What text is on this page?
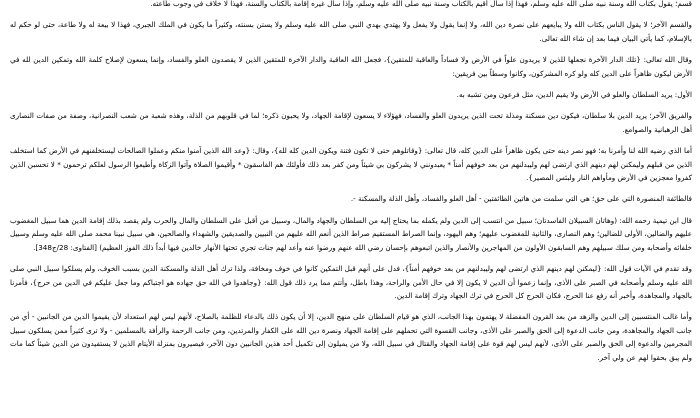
قسم؛ يقول بكتاب الله وسنة نبيه صلى الله عليه وسلم، فهذا إذا سأل أقيم بالكتاب وسنة نبيه صلى الله عليه وسلم، وإذا سأل غيره إقامة بالكتاب والسنة، فهذا لا خلاف في وجوب طاعته.

والقسم الآخر؛ لا يقول الناس بكتاب الله ولا يبايعهم على نصرة دين الله، ولا إنما يقول ولا يفعل ولا يهتدي بهدي النبي صلى الله عليه وسلم ولا يستن بسنته، وكثيراً ما يكون في الملك الجبري، فهذا لا بيعة له ولا طاعة، حتى لو حكم له بالإسلام، كما يأتي البيان فيما بعد إن شاء الله تعالى.

وقال الله تعالى: {تلك الدار الآخرة نجعلها للذين لا يريدون علواً في الأرض ولا فساداً والعاقبة للمتقين}، فجعل الله العاقبة والدار الآخرة للمتقين الذين لا يقصدون العلو والفساد، وإنما يسعون لإصلاح كلمة الله وتمكين الدين لله في الأرض ليكون ظاهراً على الدين كله ولو كره المشركون، وكانوا وسطاً بين فريقين:

الأول: يريد السلطان والعلو في الأرض ولا يقيم الدين، مثل فرعون ومن تشبه به.

والفريق الآخر؛ يريد الدين بلا سلطان، فيكون دين مسكنة ومذلة تحت الذين يريدون العلو والفساد، فهؤلاء لا يسعون لإقامة الجهاد، ولا يحبون ذكره؛ لما في قلوبهم من الذلة، وهذه شعبة من شعب النصرانية، وصفة من صفات النصارى أهل الرهبانية والصوامع.

أما الذي رضيه الله لنا وأمرنا به؛ فهو نصر دينه حتى يكون ظاهراً على الدين كله، قال تعالى: {وقاتلوهم حتى لا تكون فتنة ويكون الدين كله لله}، وقال: {وعد الله الذين آمنوا منكم وعملوا الصالحات ليستخلفنهم في الأرض كما استخلف الذين من قبلهم وليمكنن لهم دينهم الذي ارتضى لهم وليبدلنهم من بعد خوفهم أمناً * يعبدونني لا يشركون بي شيئاً ومن كفر بعد ذلك فأولئك هم الفاسقون * وأقيموا الصلاة وآتوا الزكاة وأطيعوا الرسول لعلكم ترحمون * لا تحسبن الذين كفروا معجزين في الأرض ومأواهم النار ولبئس المصير}.

فالطائفة المنصورة التي على حق؛ هي التي سلمت من هاتين الطائفتين - أهل العلو والفساد، وأهل الذلة والمسكنة -.

قال ابن تيمية رحمه الله: (وهاتان السبيلان الفاسدتان؛ سبيل من انتسب إلى الدين ولم يكمله بما يحتاج إليه من السلطان والجهاد والمال، وسبيل من أقبل على السلطان والمال والحرب ولم يقصد بذلك إقامة الدين هما سبيل المغضوب عليهم والضالين، الأولى للضالين؛ وهم النصارى، والثانية للمغضوب عليهم؛ وهم اليهود، وإنما الصراط المستقيم صراط الذين أنعم الله عليهم من النبيين والصديقين والشهداء والصالحين، هي سبيل نبينا محمد صلى الله عليه وسلم وسبيل خلفائه وأصحابه ومن سلك سبيلهم وهم السابقون الأولون من المهاجرين والأنصار والذين اتبعوهم بإحسان رضي الله عنهم ورضوا عنه وأعد لهم جنات تجري تحتها الأنهار خالدين فيها أبداً ذلك الفوز العظيم) [الفتاوى: 28/ج348].

وقد تقدم في الآيات قول الله: {ليمكنن لهم دينهم الذي ارتضى لهم وليبدلنهم من بعد خوفهم أمناً}، فدل على أنهم قبل التمكين كانوا في خوف ومخافة، ولذا ترك أهل الذلة والمسكنة الدين بسبب الخوف، ولم يسلكوا سبيل النبي صلى الله عليه وسلم وأصحابه في الصبر على الأذى، وإنما زعموا أن الدين لا يكون إلا في حال الأمن والراحة، وهذا باطل، وأتتم مما يرد ذلك قول الله: {وجاهدوا في الله حق جهاده هو اجتباكم وما جعل عليكم في الدين من حرج}، فأمرنا بالجهاد والمجاهدة، وأخبر أنه رفع عنا الحرج، فكان الحرج كل الحرج في ترك الجهاد وترك إقامة الدين.

وأما غالب المنتسبين إلى الدين والزهد من بعد القرون المفضلة لا يهتمون بهذا الجانب، الذي هو قيام السلطان على منهج الدين، إلا أن يكون ذلك بالدعاء للظلمة بالصلاح، لأنهم ليس لهم استعداد لأن يقيموا الدين من الجانبين - أي من جانب الجهاد والمجاهدة، ومن جانب الدعوة إلى الحق والصبر على الأذى، وجانب القسوة التي تحملهم على إقامة الجهاد ونصرة دين الله على الكفار والمرتدين، ومن جانب الرحمة والرأفة بالمسلمين - ولا ترى كثيراً ممن يسلكون سبيل المجرمين والدعوة إلى الحق والصبر على الأذى، لأنهم ليس لهم قوة على إقامة الجهاد والقتال في سبيل الله، ولا من يميلون إلى تكميل أحد هذين الجانبين دون الآخر، فيصيرون بمنزلة الأيتام الذين لا يستفيدون من الدين شيئاً كما مات ولم يبق بحقوا لهم عن ولي آخر.
